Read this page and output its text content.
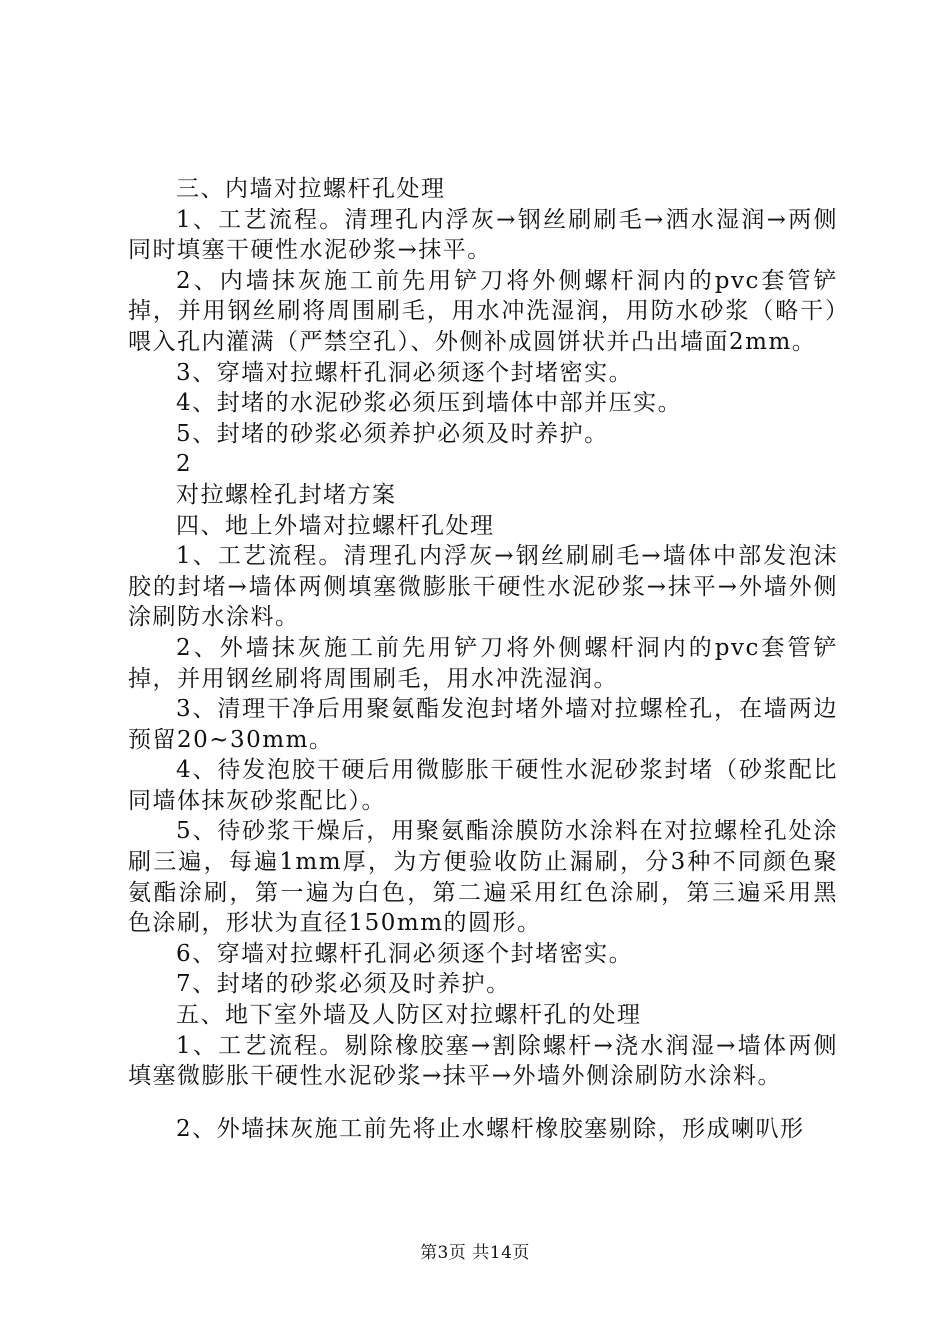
三、内墙对拉螺杆孔处理

1、工艺流程。清理孔内浮灰→钢丝刷刷毛→洒水湿润→两侧同时填塞干硬性水泥砂浆→抹平。

2、内墙抹灰施工前先用铲刀将外侧螺杆洞内的pvc套管铲掉，并用钢丝刷将周围刷毛，用水冲洗湿润，用防水砂浆（略干）喂入孔内灌满（严禁空孔）、外侧补成圆饼状并凸出墙面2mm。

3、穿墙对拉螺杆孔洞必须逐个封堵密实。

4、封堵的水泥砂浆必须压到墙体中部并压实。

5、封堵的砂浆必须养护必须及时养护。

2

对拉螺栓孔封堵方案

四、地上外墙对拉螺杆孔处理

1、工艺流程。清理孔内浮灰→钢丝刷刷毛→墙体中部发泡沫胶的封堵→墙体两侧填塞微膨胀干硬性水泥砂浆→抹平→外墙外侧涂刷防水涂料。

2、外墙抹灰施工前先用铲刀将外侧螺杆洞内的pvc套管铲掉，并用钢丝刷将周围刷毛，用水冲洗湿润。

3、清理干净后用聚氨酯发泡封堵外墙对拉螺栓孔，在墙两边预留20~30mm。

4、待发泡胶干硬后用微膨胀干硬性水泥砂浆封堵（砂浆配比同墙体抹灰砂浆配比）。

5、待砂浆干燥后，用聚氨酯涂膜防水涂料在对拉螺栓孔处涂刷三遍，每遍1mm厚，为方便验收防止漏刷，分3种不同颜色聚氨酯涂刷，第一遍为白色，第二遍采用红色涂刷，第三遍采用黑色涂刷，形状为直径150mm的圆形。

6、穿墙对拉螺杆孔洞必须逐个封堵密实。

7、封堵的砂浆必须及时养护。

五、地下室外墙及人防区对拉螺杆孔的处理

1、工艺流程。剔除橡胶塞→割除螺杆→浇水润湿→墙体两侧填塞微膨胀干硬性水泥砂浆→抹平→外墙外侧涂刷防水涂料。

2、外墙抹灰施工前先将止水螺杆橡胶塞剔除，形成喇叭形

第3页 共14页
